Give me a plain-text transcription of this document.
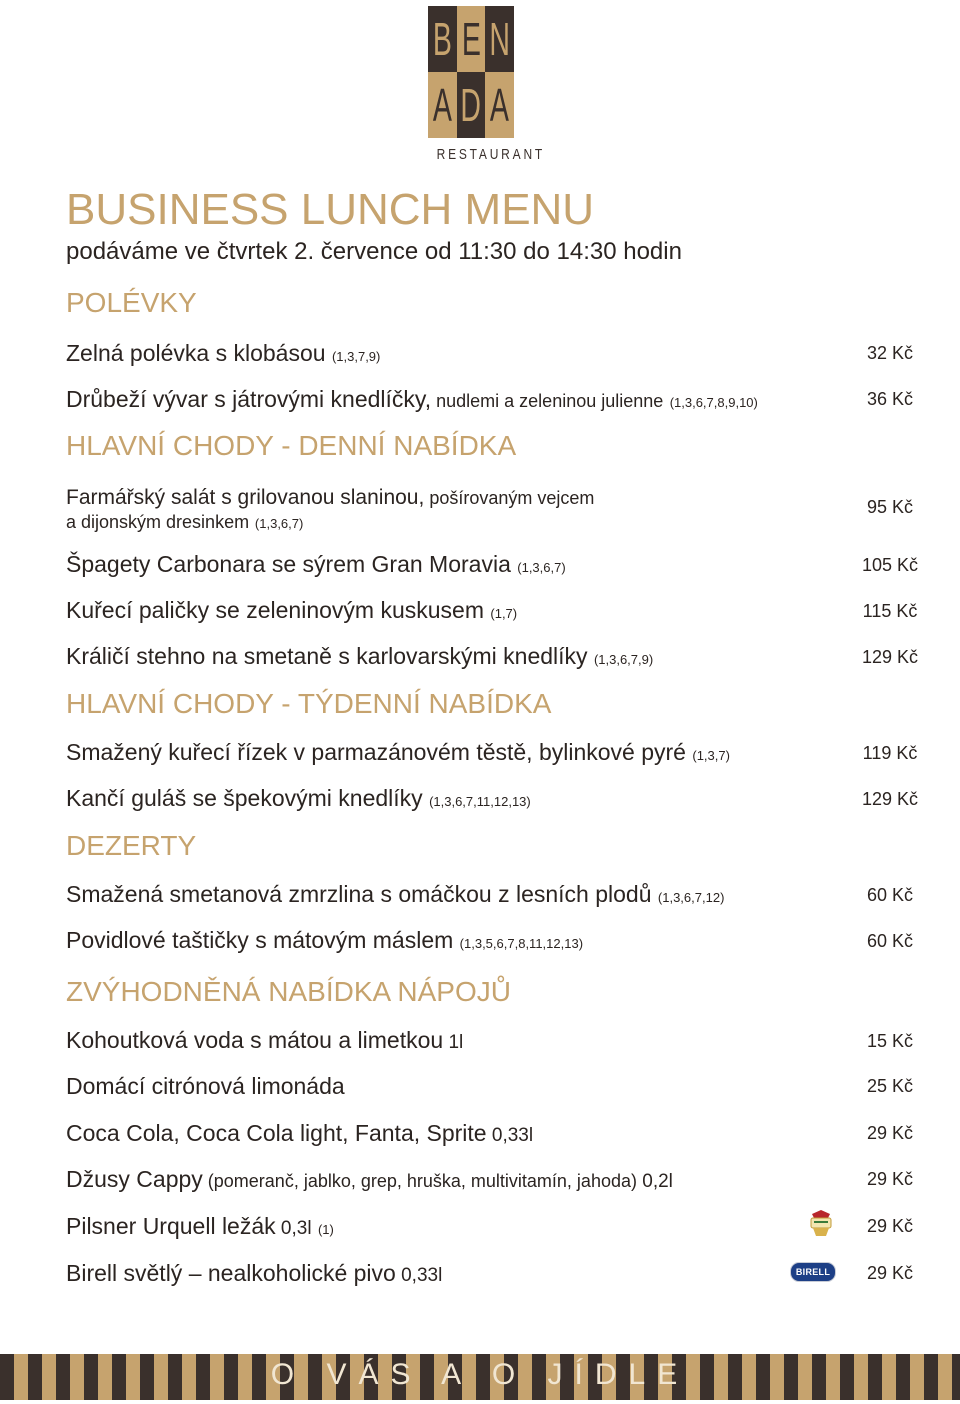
B E N
A D A
RESTAURANT
BUSINESS LUNCH MENU
podáváme ve čtvrtek 2. července od 11:30 do 14:30 hodin
POLÉVKY
Zelná polévka s klobásou (1,3,7,9)	32 Kč
Drůbeží vývar s játrovými knedlíčky, nudlemi a zeleninou julienne (1,3,6,7,8,9,10)	36 Kč
HLAVNÍ CHODY - DENNÍ NABÍDKA
Farmářský salát s grilovanou slaninou, pošírovaným vejcem
a dijonským dresinkem (1,3,6,7)
95 Kč
Špagety Carbonara se sýrem Gran Moravia (1,3,6,7)	105 Kč
Kuřecí paličky se zeleninovým kuskusem (1,7)	115 Kč
Králičí stehno na smetaně s karlovarskými knedlíky (1,3,6,7,9)	129 Kč
HLAVNÍ CHODY - TÝDENNÍ NABÍDKA
Smažený kuřecí řízek v parmazánovém těstě, bylinkové pyré (1,3,7)	119 Kč
Kančí guláš se špekovými knedlíky (1,3,6,7,11,12,13)	129 Kč
DEZERTY
Smažená smetanová zmrzlina s omáčkou z lesních plodů (1,3,6,7,12)	60 Kč
Povidlové taštičky s mátovým máslem (1,3,5,6,7,8,11,12,13)	60 Kč
ZVÝHODNĚNÁ NABÍDKA NÁPOJŮ
Kohoutková voda s mátou a limetkou 1l	15 Kč
Domácí citrónová limonáda	25 Kč
Coca Cola, Coca Cola light, Fanta, Sprite 0,33l	29 Kč
Džusy Cappy (pomeranč, jablko, grep, hruška, multivitamín, jahoda) 0,2l	29 Kč
Pilsner Urquell ležák 0,3l (1)	29 Kč
Birell světlý – nealkoholické pivo 0,33l	BIRELL	29 Kč
O VÁS A O JÍDLE
